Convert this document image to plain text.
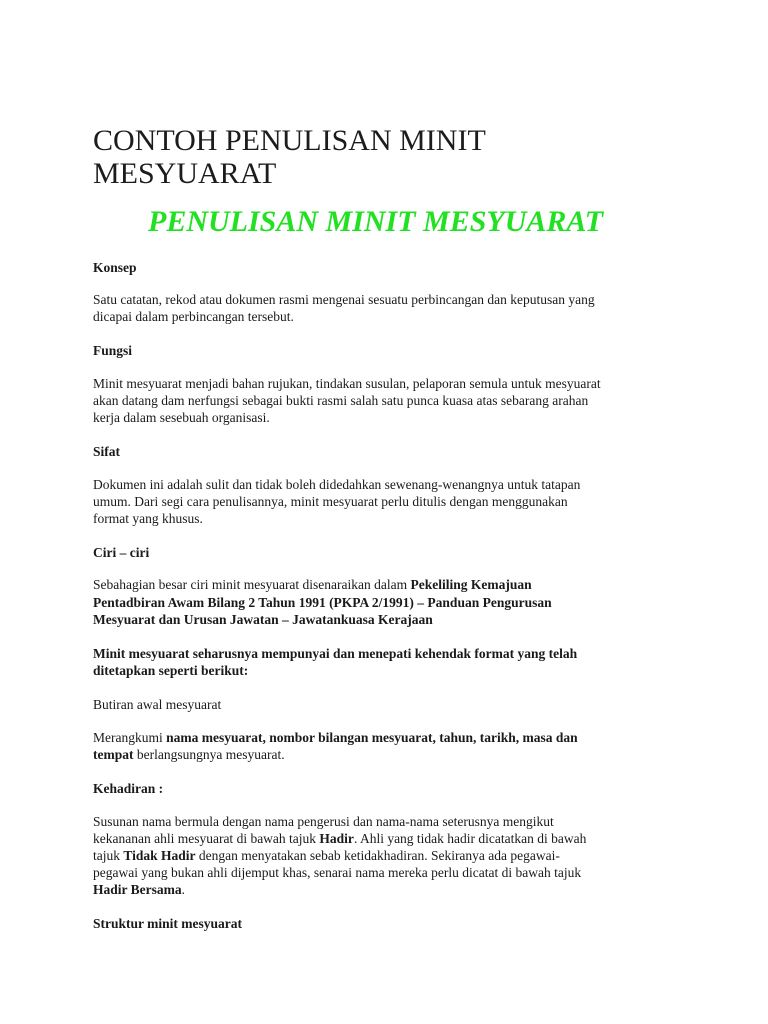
CONTOH PENULISAN MINIT
MESYUARAT
PENULISAN MINIT MESYUARAT
Konsep
Satu catatan, rekod atau dokumen rasmi mengenai sesuatu perbincangan dan keputusan yang
dicapai dalam perbincangan tersebut.
Fungsi
Minit mesyuarat menjadi bahan rujukan, tindakan susulan, pelaporan semula untuk mesyuarat
akan datang dam nerfungsi sebagai bukti rasmi salah satu punca kuasa atas sebarang arahan
kerja dalam sesebuah organisasi.
Sifat
Dokumen ini adalah sulit dan tidak boleh didedahkan sewenang-wenangnya untuk tatapan
umum. Dari segi cara penulisannya, minit mesyuarat perlu ditulis dengan menggunakan
format yang khusus.
Ciri – ciri
Sebahagian besar ciri minit mesyuarat disenaraikan dalam Pekeliling Kemajuan
Pentadbiran Awam Bilang 2 Tahun 1991 (PKPA 2/1991) – Panduan Pengurusan
Mesyuarat dan Urusan Jawatan – Jawatankuasa Kerajaan
Minit mesyuarat seharusnya mempunyai dan menepati kehendak format yang telah
ditetapkan seperti berikut:
Butiran awal mesyuarat
Merangkumi nama mesyuarat, nombor bilangan mesyuarat, tahun, tarikh, masa dan
tempat berlangsungnya mesyuarat.
Kehadiran :
Susunan nama bermula dengan nama pengerusi dan nama-nama seterusnya mengikut
kekananan ahli mesyuarat di bawah tajuk Hadir. Ahli yang tidak hadir dicatatkan di bawah
tajuk Tidak Hadir dengan menyatakan sebab ketidakhadiran. Sekiranya ada pegawai-
pegawai yang bukan ahli dijemput khas, senarai nama mereka perlu dicatat di bawah tajuk
Hadir Bersama.
Struktur minit mesyuarat
